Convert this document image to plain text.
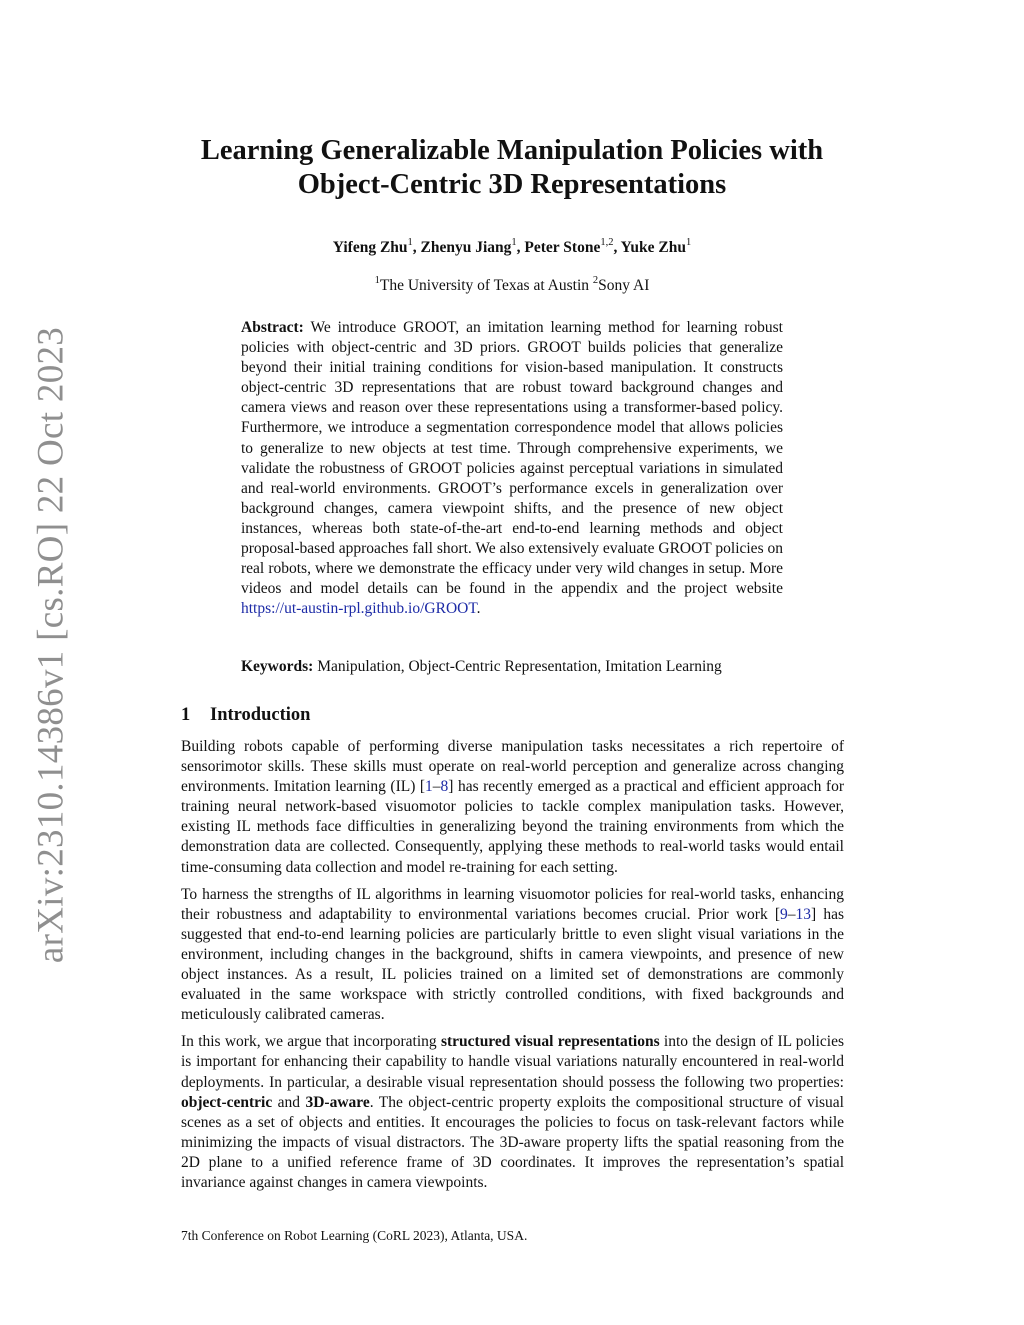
arXiv:2310.14386v1 [cs.RO] 22 Oct 2023
Learning Generalizable Manipulation Policies with
Object-Centric 3D Representations
Yifeng Zhu$^1$, Zhenyu Jiang$^1$, Peter Stone$^{1,2}$, Yuke Zhu$^1$
$^1$The University of Texas at Austin $^2$Sony AI

Abstract: We introduce GROOT, an imitation learning method for learning robust policies with object-centric and 3D priors. GROOT builds policies that generalize beyond their initial training conditions for vision-based manipulation. It constructs object-centric 3D representations that are robust toward background changes and camera views and reason over these representations using a transformer-based policy. Furthermore, we introduce a segmentation correspondence model that allows policies to generalize to new objects at test time. Through comprehensive experiments, we validate the robustness of GROOT policies against perceptual variations in simulated and real-world environments. GROOT’s performance excels in generalization over background changes, camera viewpoint shifts, and the presence of new object instances, whereas both state-of-the-art end-to-end learning methods and object proposal-based approaches fall short. We also extensively evaluate GROOT policies on real robots, where we demonstrate the efficacy under very wild changes in setup. More videos and model details can be found in the appendix and the project website https://ut-austin-rpl.github.io/GROOT.

Keywords: Manipulation, Object-Centric Representation, Imitation Learning

1 Introduction

Building robots capable of performing diverse manipulation tasks necessitates a rich repertoire of sensorimotor skills. These skills must operate on real-world perception and generalize across changing environments. Imitation learning (IL) [1–8] has recently emerged as a practical and efficient approach for training neural network-based visuomotor policies to tackle complex manipulation tasks. However, existing IL methods face difficulties in generalizing beyond the training environments from which the demonstration data are collected. Consequently, applying these methods to real-world tasks would entail time-consuming data collection and model re-training for each setting.

To harness the strengths of IL algorithms in learning visuomotor policies for real-world tasks, enhancing their robustness and adaptability to environmental variations becomes crucial. Prior work [9–13] has suggested that end-to-end learning policies are particularly brittle to even slight visual variations in the environment, including changes in the background, shifts in camera viewpoints, and presence of new object instances. As a result, IL policies trained on a limited set of demonstrations are commonly evaluated in the same workspace with strictly controlled conditions, with fixed backgrounds and meticulously calibrated cameras.

In this work, we argue that incorporating structured visual representations into the design of IL policies is important for enhancing their capability to handle visual variations naturally encountered in real-world deployments. In particular, a desirable visual representation should possess the following two properties: object-centric and 3D-aware. The object-centric property exploits the compositional structure of visual scenes as a set of objects and entities. It encourages the policies to focus on task-relevant factors while minimizing the impacts of visual distractors. The 3D-aware property lifts the spatial reasoning from the 2D plane to a unified reference frame of 3D coordinates. It improves the representation’s spatial invariance against changes in camera viewpoints.

7th Conference on Robot Learning (CoRL 2023), Atlanta, USA.
